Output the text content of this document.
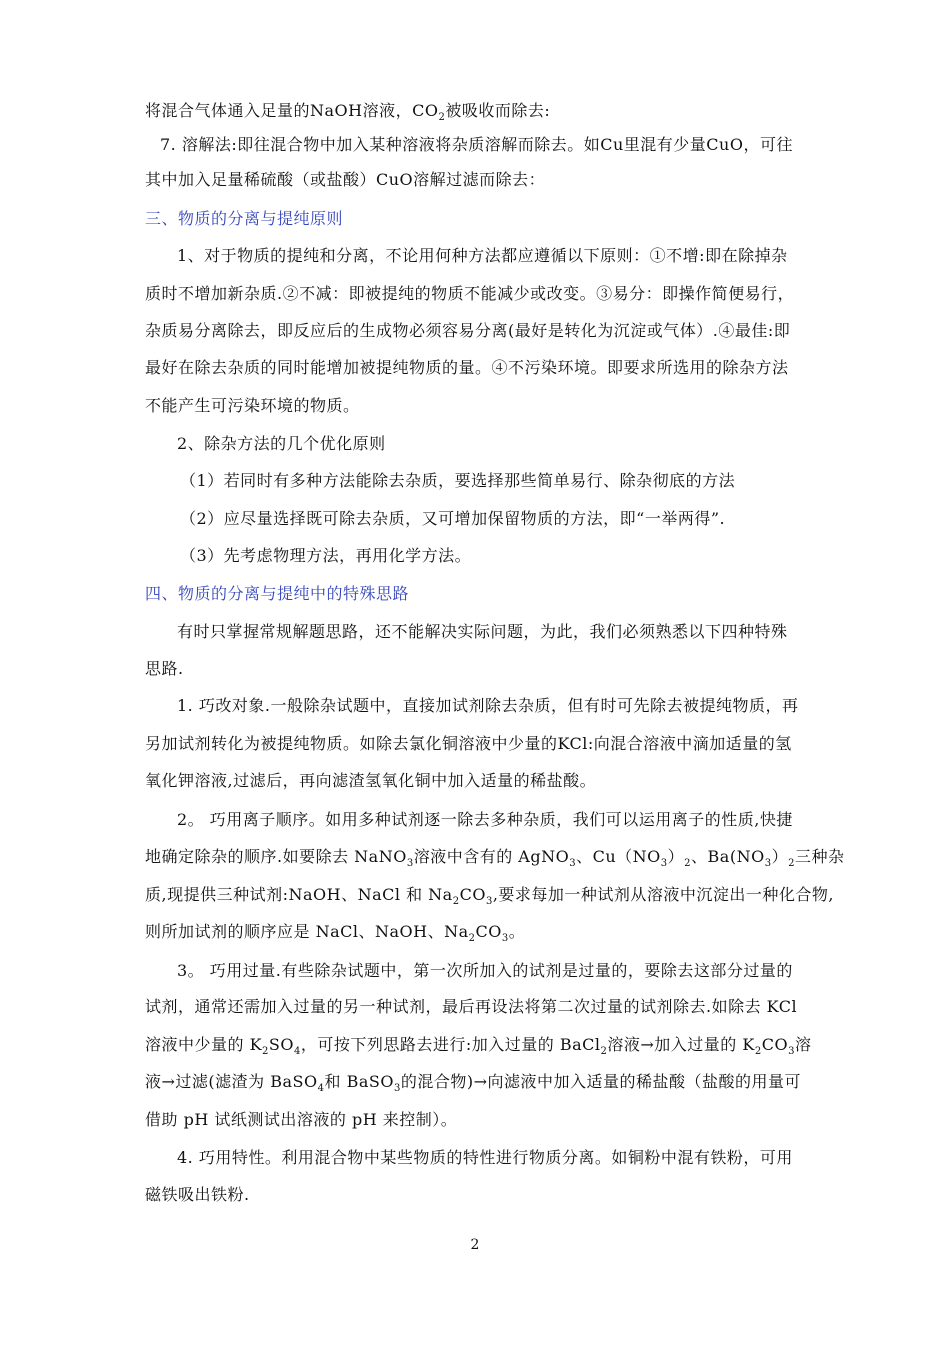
将混合气体通入足量的NaOH溶液，$CO_2$被吸收而除去:
7. 溶解法:即往混合物中加入某种溶液将杂质溶解而除去。如Cu里混有少量CuO，可往
其中加入足量稀硫酸（或盐酸）CuO溶解过滤而除去：
三、物质的分离与提纯原则
1、对于物质的提纯和分离，不论用何种方法都应遵循以下原则：①不增:即在除掉杂
质时不增加新杂质.②不减：即被提纯的物质不能减少或改变。③易分：即操作简便易行，
杂质易分离除去，即反应后的生成物必须容易分离(最好是转化为沉淀或气体）.④最佳:即
最好在除去杂质的同时能增加被提纯物质的量。④不污染环境。即要求所选用的除杂方法
不能产生可污染环境的物质。
2、除杂方法的几个优化原则
（1）若同时有多种方法能除去杂质，要选择那些简单易行、除杂彻底的方法
（2）应尽量选择既可除去杂质，又可增加保留物质的方法，即“一举两得”.
（3）先考虑物理方法，再用化学方法。
四、物质的分离与提纯中的特殊思路
有时只掌握常规解题思路，还不能解决实际问题，为此，我们必须熟悉以下四种特殊
思路.
1. 巧改对象.一般除杂试题中，直接加试剂除去杂质，但有时可先除去被提纯物质，再
另加试剂转化为被提纯物质。如除去氯化铜溶液中少量的KCl:向混合溶液中滴加适量的氢
氧化钾溶液,过滤后，再向滤渣氢氧化铜中加入适量的稀盐酸。
2。 巧用离子顺序。如用多种试剂逐一除去多种杂质，我们可以运用离子的性质,快捷
地确定除杂的顺序.如要除去 NaNO$_3$溶液中含有的 AgNO$_3$、$Cu(NO_3)_2$、$Ba(NO_3)_2$三种杂
质,现提供三种试剂:NaOH、NaCl 和 $Na_2CO_3$,要求每加一种试剂从溶液中沉淀出一种化合物,
则所加试剂的顺序应是 NaCl、NaOH、$Na_2CO_3$。
3。 巧用过量.有些除杂试题中，第一次所加入的试剂是过量的，要除去这部分过量的
试剂，通常还需加入过量的另一种试剂，最后再设法将第二次过量的试剂除去.如除去 KCl
溶液中少量的 $K_2SO_4$，可按下列思路去进行:加入过量的 BaCl$_2$溶液→加入过量的 $K_2CO_3$溶
液→过滤(滤渣为 BaSO$_4$和 BaSO$_3$的混合物)→向滤液中加入适量的稀盐酸（盐酸的用量可
借助 pH 试纸测试出溶液的 pH 来控制）。
4. 巧用特性。利用混合物中某些物质的特性进行物质分离。如铜粉中混有铁粉，可用
磁铁吸出铁粉.
2
